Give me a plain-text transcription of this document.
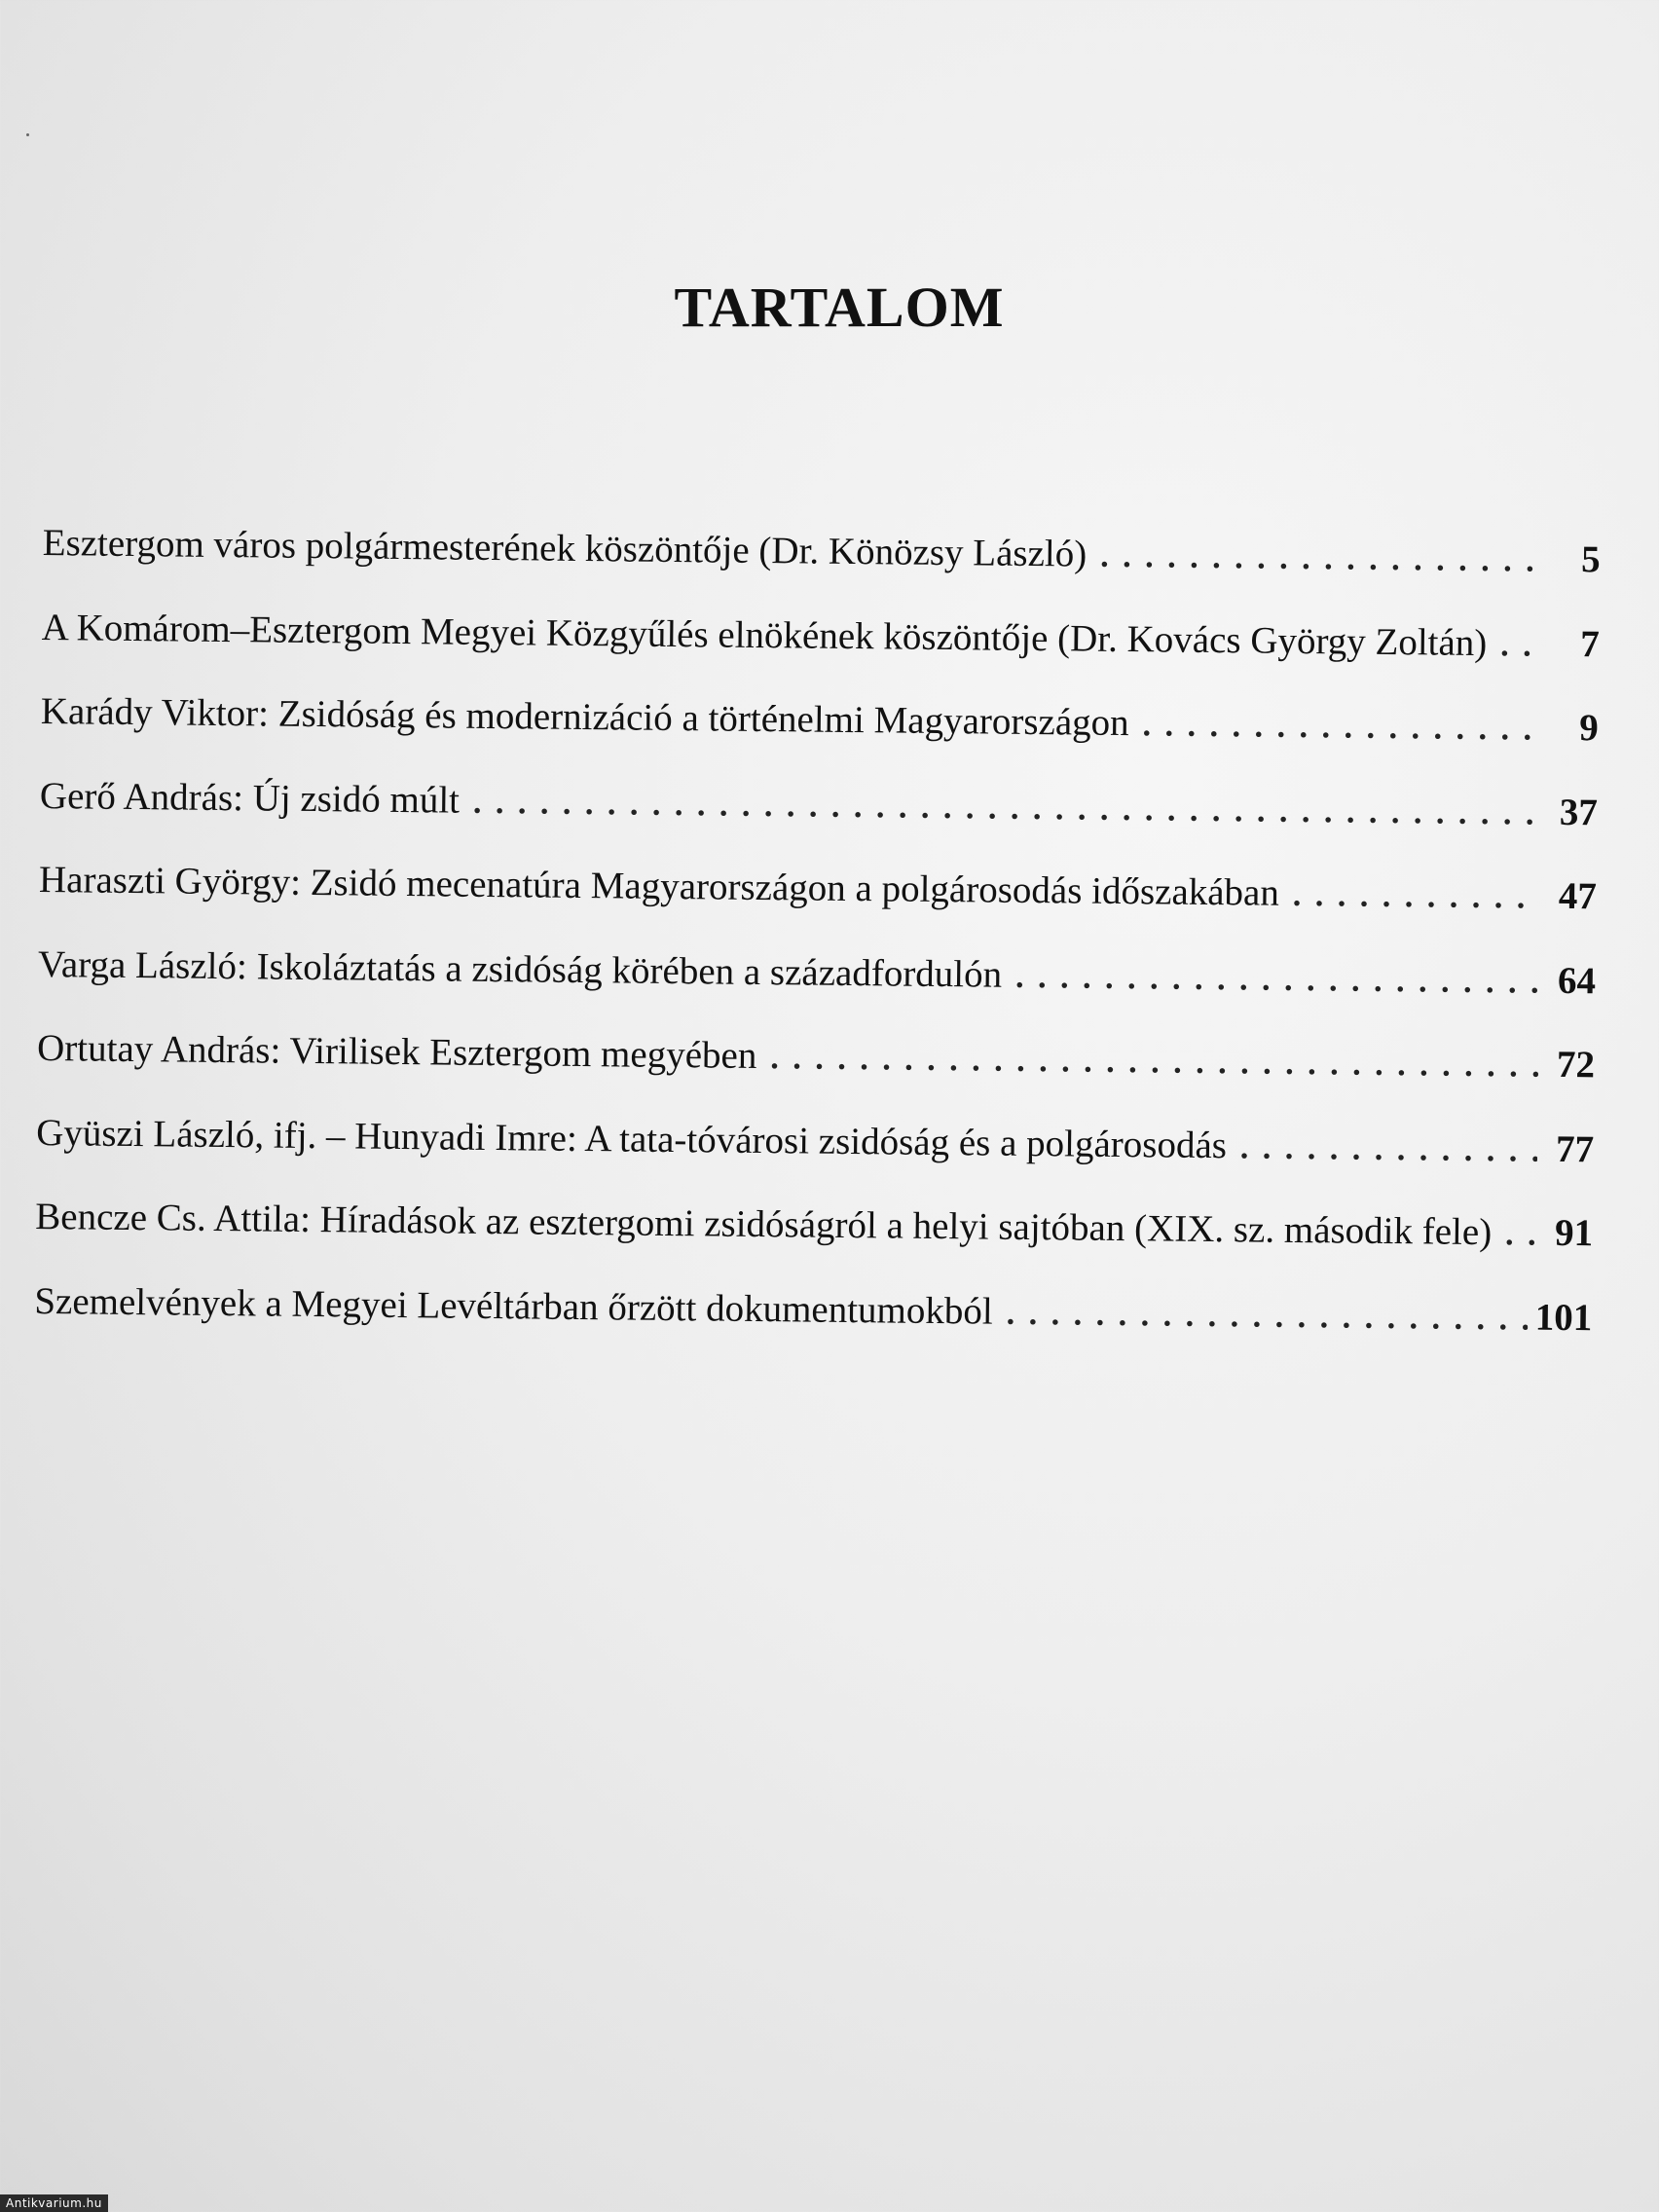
TARTALOM
Esztergom város polgármesterének köszöntője (Dr. Könözsy László) . . .	5
A Komárom–Esztergom Megyei Közgyűlés elnökének köszöntője (Dr. Kovács György Zoltán) . . .	7
Karády Viktor: Zsidóság és modernizáció a történelmi Magyarországon . . .	9
Gerő András: Új zsidó múlt . . .	37
Haraszti György: Zsidó mecenatúra Magyarországon a polgárosodás időszakában . . .	47
Varga László: Iskoláztatás a zsidóság körében a századfordulón . . .	64
Ortutay András: Virilisek Esztergom megyében . . .	72
Gyüszi László, ifj. – Hunyadi Imre: A tata-tóvárosi zsidóság és a polgárosodás . . .	77
Bencze Cs. Attila: Híradások az esztergomi zsidóságról a helyi sajtóban (XIX. sz. második fele) . . . 91
Szemelvények a Megyei Levéltárban őrzött dokumentumokból . . .	101
Antikvarium.hu
